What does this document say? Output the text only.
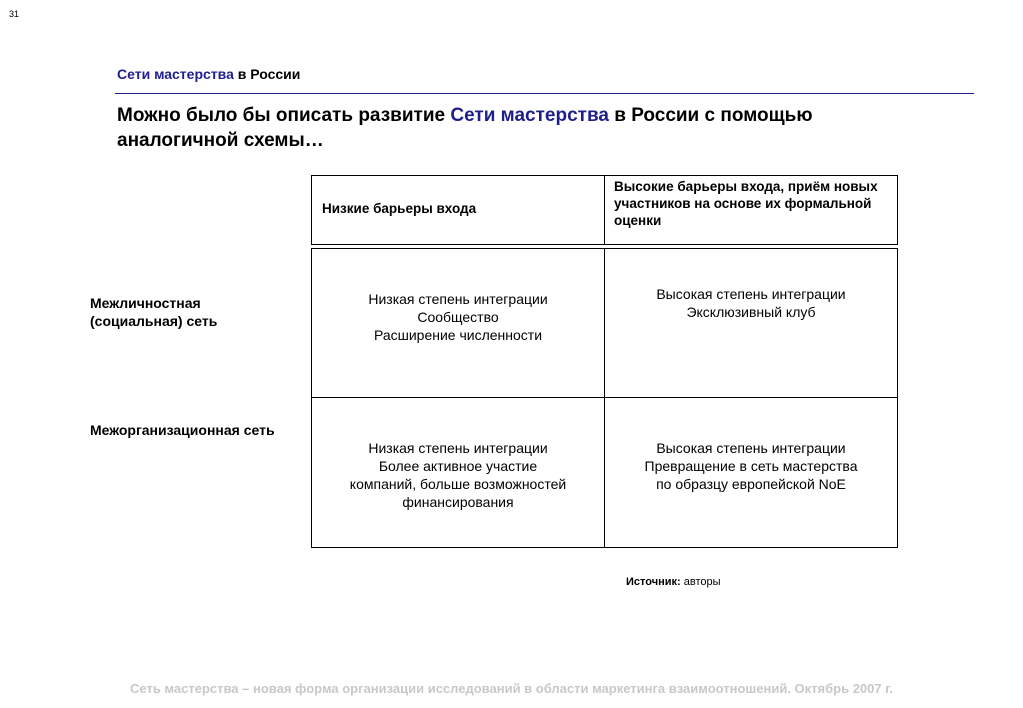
31
Сети мастерства в России
Можно было бы описать развитие Сети мастерства в России с помощью аналогичной схемы…
Низкие барьеры входа
Высокие барьеры входа, приём новых участников на основе их формальной оценки
Межличностная (социальная) сеть
Межорганизационная сеть
Низкая степень интеграции
Сообщество
Расширение численности
Высокая степень интеграции
Эксклюзивный клуб
Низкая степень интеграции
Более активное участие
компаний, больше возможностей
финансирования
Высокая степень интеграции
Превращение в сеть мастерства
по образцу европейской NoE
Источник: авторы
Сеть мастерства – новая форма организации исследований в области маркетинга взаимоотношений. Октябрь 2007 г.
